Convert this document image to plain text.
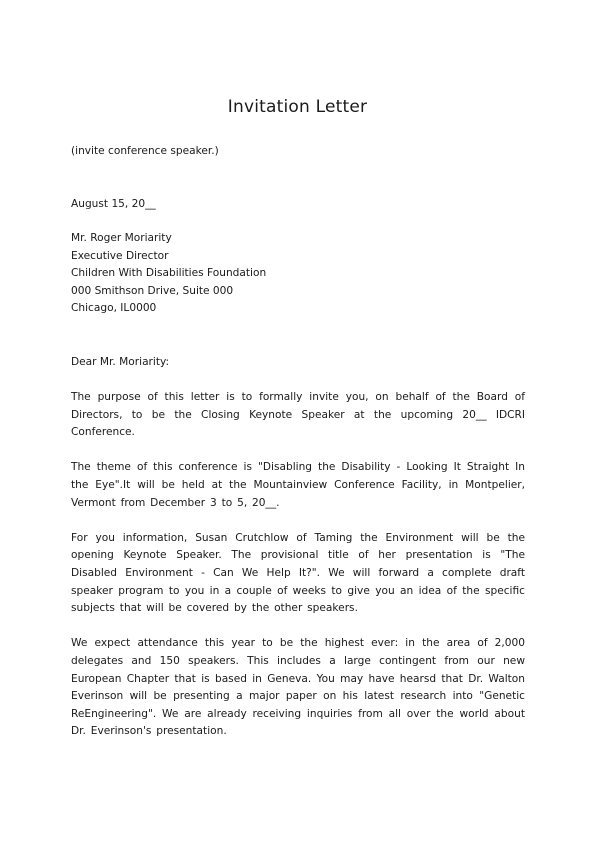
Invitation Letter
(invite conference speaker.)
August 15, 20__
Mr. Roger Moriarity
Executive Director
Children With Disabilities Foundation
000 Smithson Drive, Suite 000
Chicago, IL0000
Dear Mr. Moriarity:

The purpose of this letter is to formally invite you, on behalf of the Board of Directors, to be the Closing Keynote Speaker at the upcoming 20__ IDCRI Conference.

The theme of this conference is "Disabling the Disability - Looking It Straight In the Eye".It will be held at the Mountainview Conference Facility, in Montpelier, Vermont from December 3 to 5, 20__.

For you information, Susan Crutchlow of Taming the Environment will be the opening Keynote Speaker. The provisional title of her presentation is "The Disabled Environment - Can We Help It?". We will forward a complete draft speaker program to you in a couple of weeks to give you an idea of the specific subjects that will be covered by the other speakers.

We expect attendance this year to be the highest ever: in the area of 2,000 delegates and 150 speakers. This includes a large contingent from our new European Chapter that is based in Geneva. You may have hearsd that Dr. Walton Everinson will be presenting a major paper on his latest research into "Genetic ReEngineering". We are already receiving inquiries from all over the world about Dr. Everinson's presentation.
